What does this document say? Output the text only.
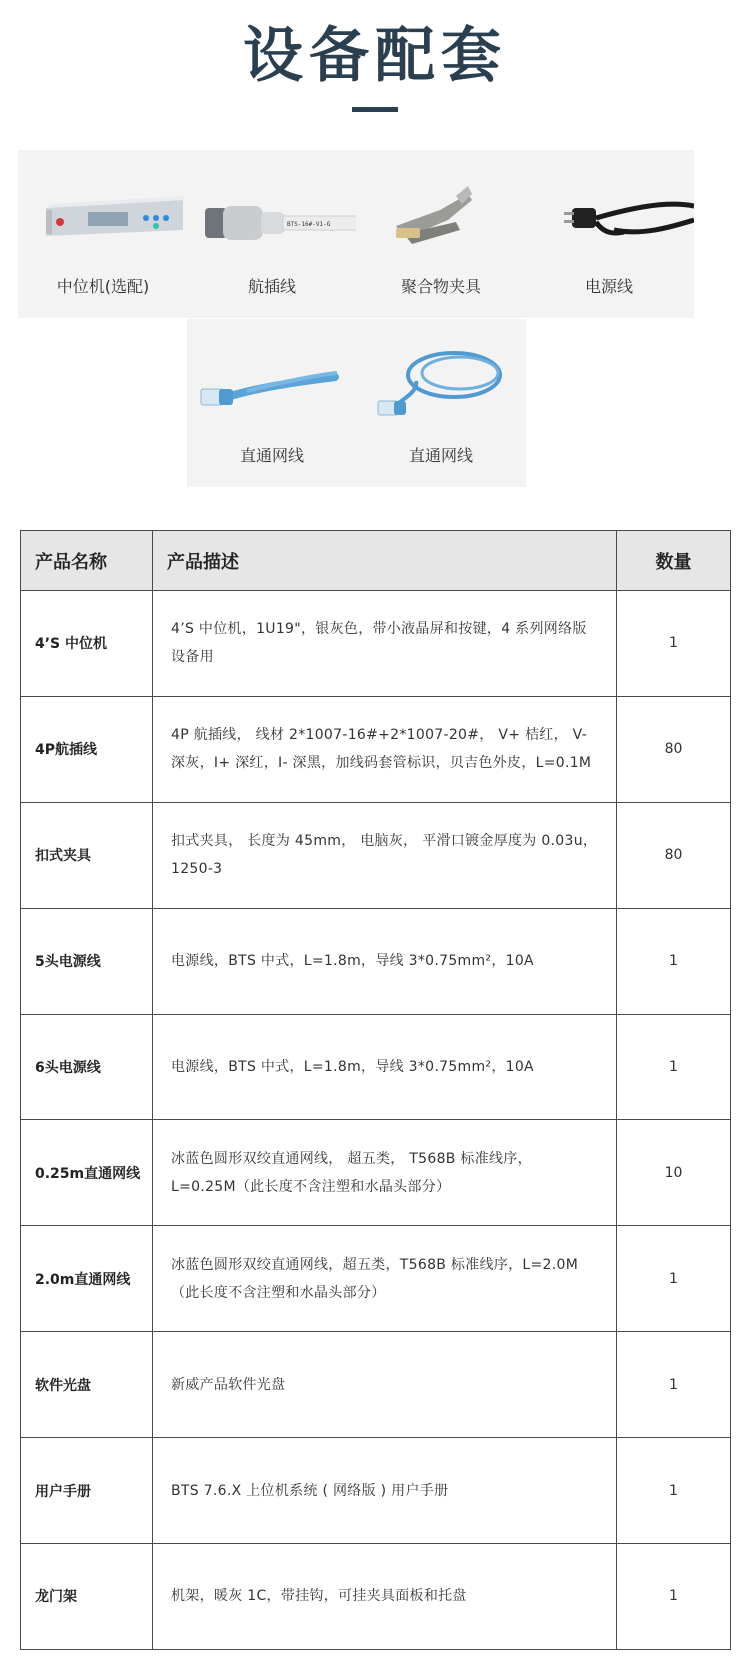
设备配套
中位机(选配)
BTS-16#-V1-G
航插线	聚合物夹具	电源线
直通网线	直通网线
产品名称	产品描述	数量
4’S 中位机	4’S 中位机，1U19"，银灰色，带小液晶屏和按键，4 系列网络版设备用	1
4P航插线	4P 航插线， 线材 2*1007-16#+2*1007-20#， V+ 桔红， V- 深灰，I+ 深红，I- 深黑，加线码套管标识，贝吉色外皮，L=0.1M	80
扣式夹具	扣式夹具， 长度为 45mm， 电脑灰， 平滑口镀金厚度为 0.03u，1250-3	80
5头电源线	电源线，BTS 中式，L=1.8m，导线 3*0.75mm²，10A	1
6头电源线	电源线，BTS 中式，L=1.8m，导线 3*0.75mm²，10A	1
0.25m直通网线	冰蓝色圆形双绞直通网线， 超五类， T568B 标准线序， L=0.25M（此长度不含注塑和水晶头部分）	10
2.0m直通网线	冰蓝色圆形双绞直通网线，超五类，T568B 标准线序，L=2.0M（此长度不含注塑和水晶头部分）	1
软件光盘	新威产品软件光盘	1
用户手册	BTS 7.6.X 上位机系统 ( 网络版 ) 用户手册	1
龙门架	机架，暖灰 1C，带挂钩，可挂夹具面板和托盘	1
